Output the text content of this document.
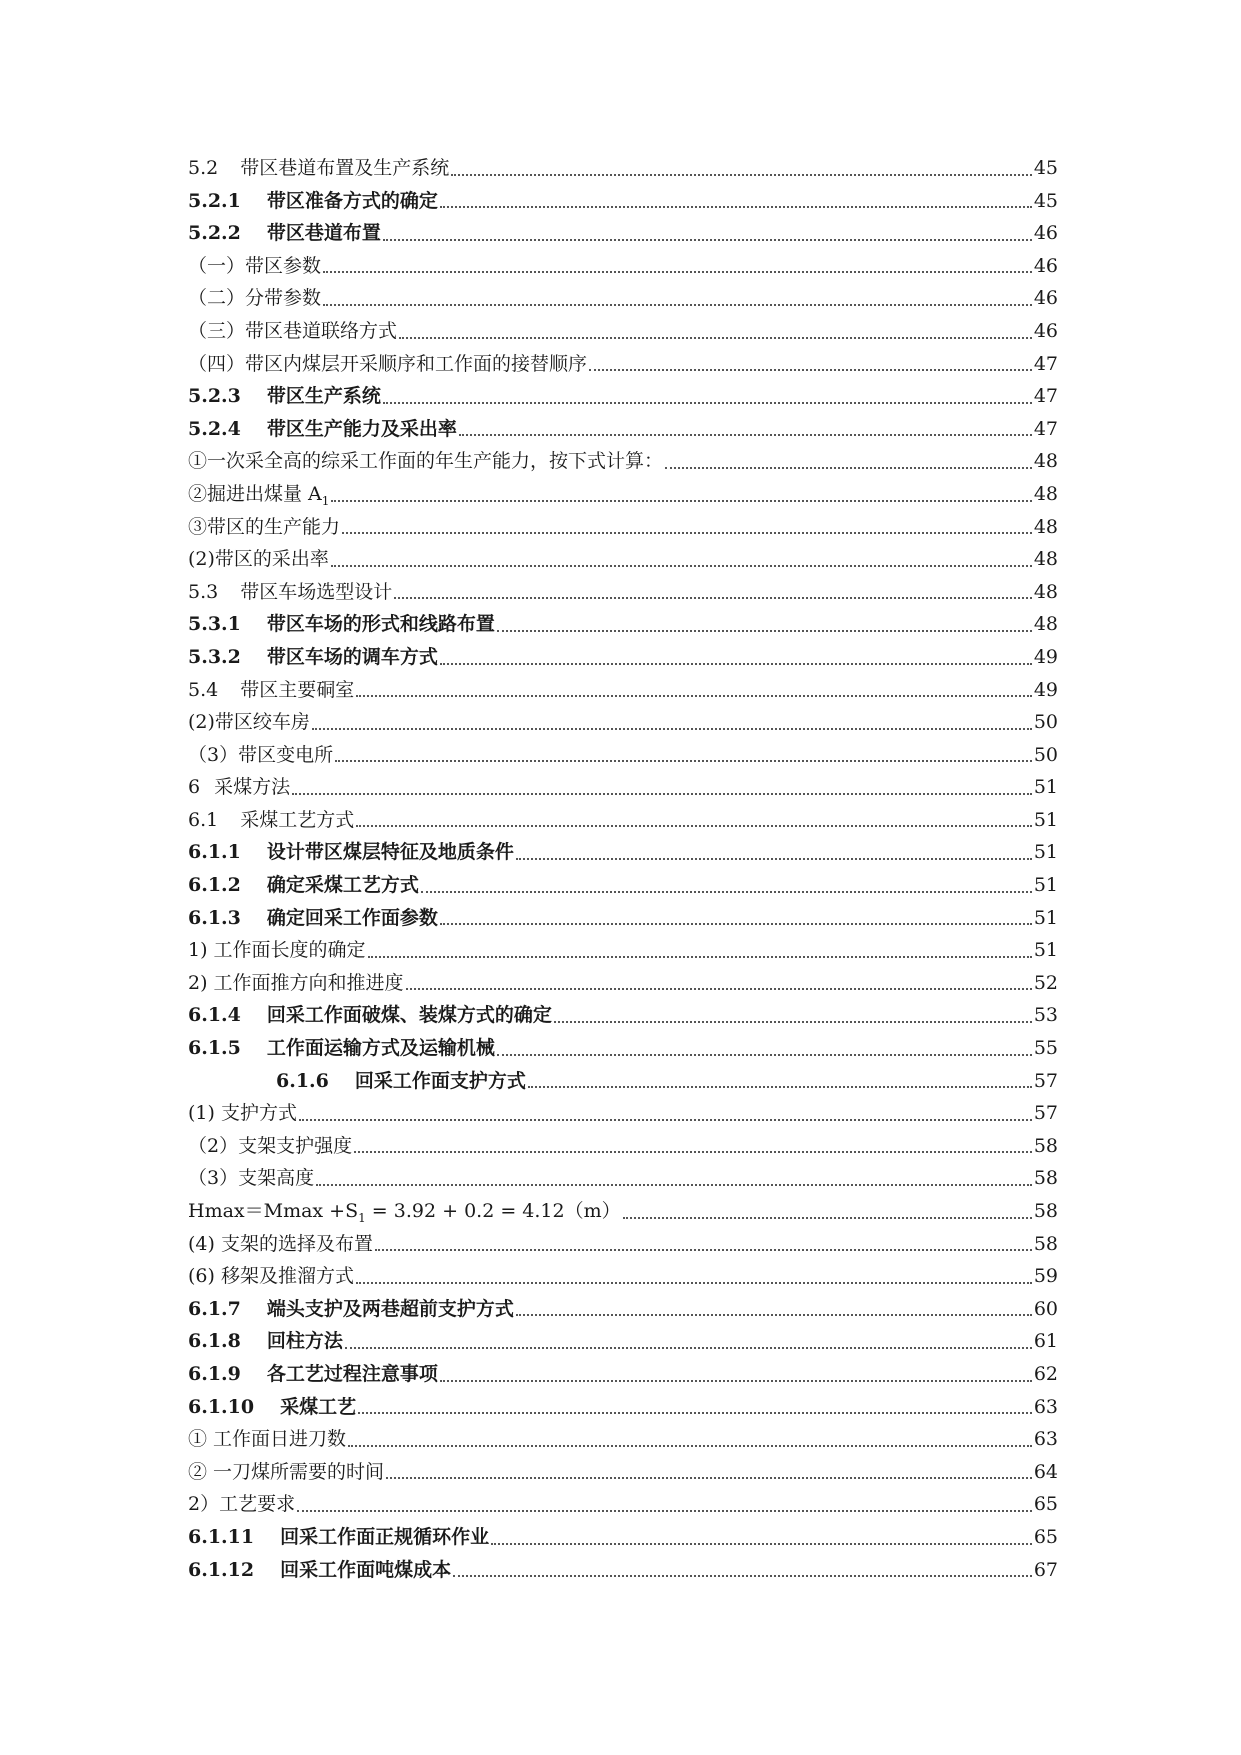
5.2 带区巷道布置及生产系统	45
5.2.1 带区准备方式的确定	45
5.2.2 带区巷道布置	46
（一）带区参数	46
（二）分带参数	46
（三）带区巷道联络方式	46
（四）带区内煤层开采顺序和工作面的接替顺序	47
5.2.3 带区生产系统	47
5.2.4 带区生产能力及采出率	47
①一次采全高的综采工作面的年生产能力，按下式计算：	48
②掘进出煤量 $A_1$	48
③带区的生产能力	48
(2)带区的采出率	48
5.3 带区车场选型设计	48
5.3.1 带区车场的形式和线路布置	48
5.3.2 带区车场的调车方式	49
5.4 带区主要硐室	49
(2)带区绞车房	50
（3）带区变电所	50
6 采煤方法	51
6.1 采煤工艺方式	51
6.1.1 设计带区煤层特征及地质条件	51
6.1.2 确定采煤工艺方式	51
6.1.3 确定回采工作面参数	51
1) 工作面长度的确定	51
2) 工作面推方向和推进度	52
6.1.4 回采工作面破煤、装煤方式的确定	53
6.1.5 工作面运输方式及运输机械	55
6.1.6 回采工作面支护方式	57
(1) 支护方式	57
（2）支架支护强度	58
（3）支架高度	58
$Hmax=Mmax +S_1 = 3.92 + 0.2 = 4.12(m)$	58
(4) 支架的选择及布置	58
(6) 移架及推溜方式	59
6.1.7 端头支护及两巷超前支护方式	60
6.1.8 回柱方法	61
6.1.9 各工艺过程注意事项	62
6.1.10 采煤工艺	63
① 工作面日进刀数	63
② 一刀煤所需要的时间	64
2）工艺要求	65
6.1.11 回采工作面正规循环作业	65
6.1.12 回采工作面吨煤成本	67
